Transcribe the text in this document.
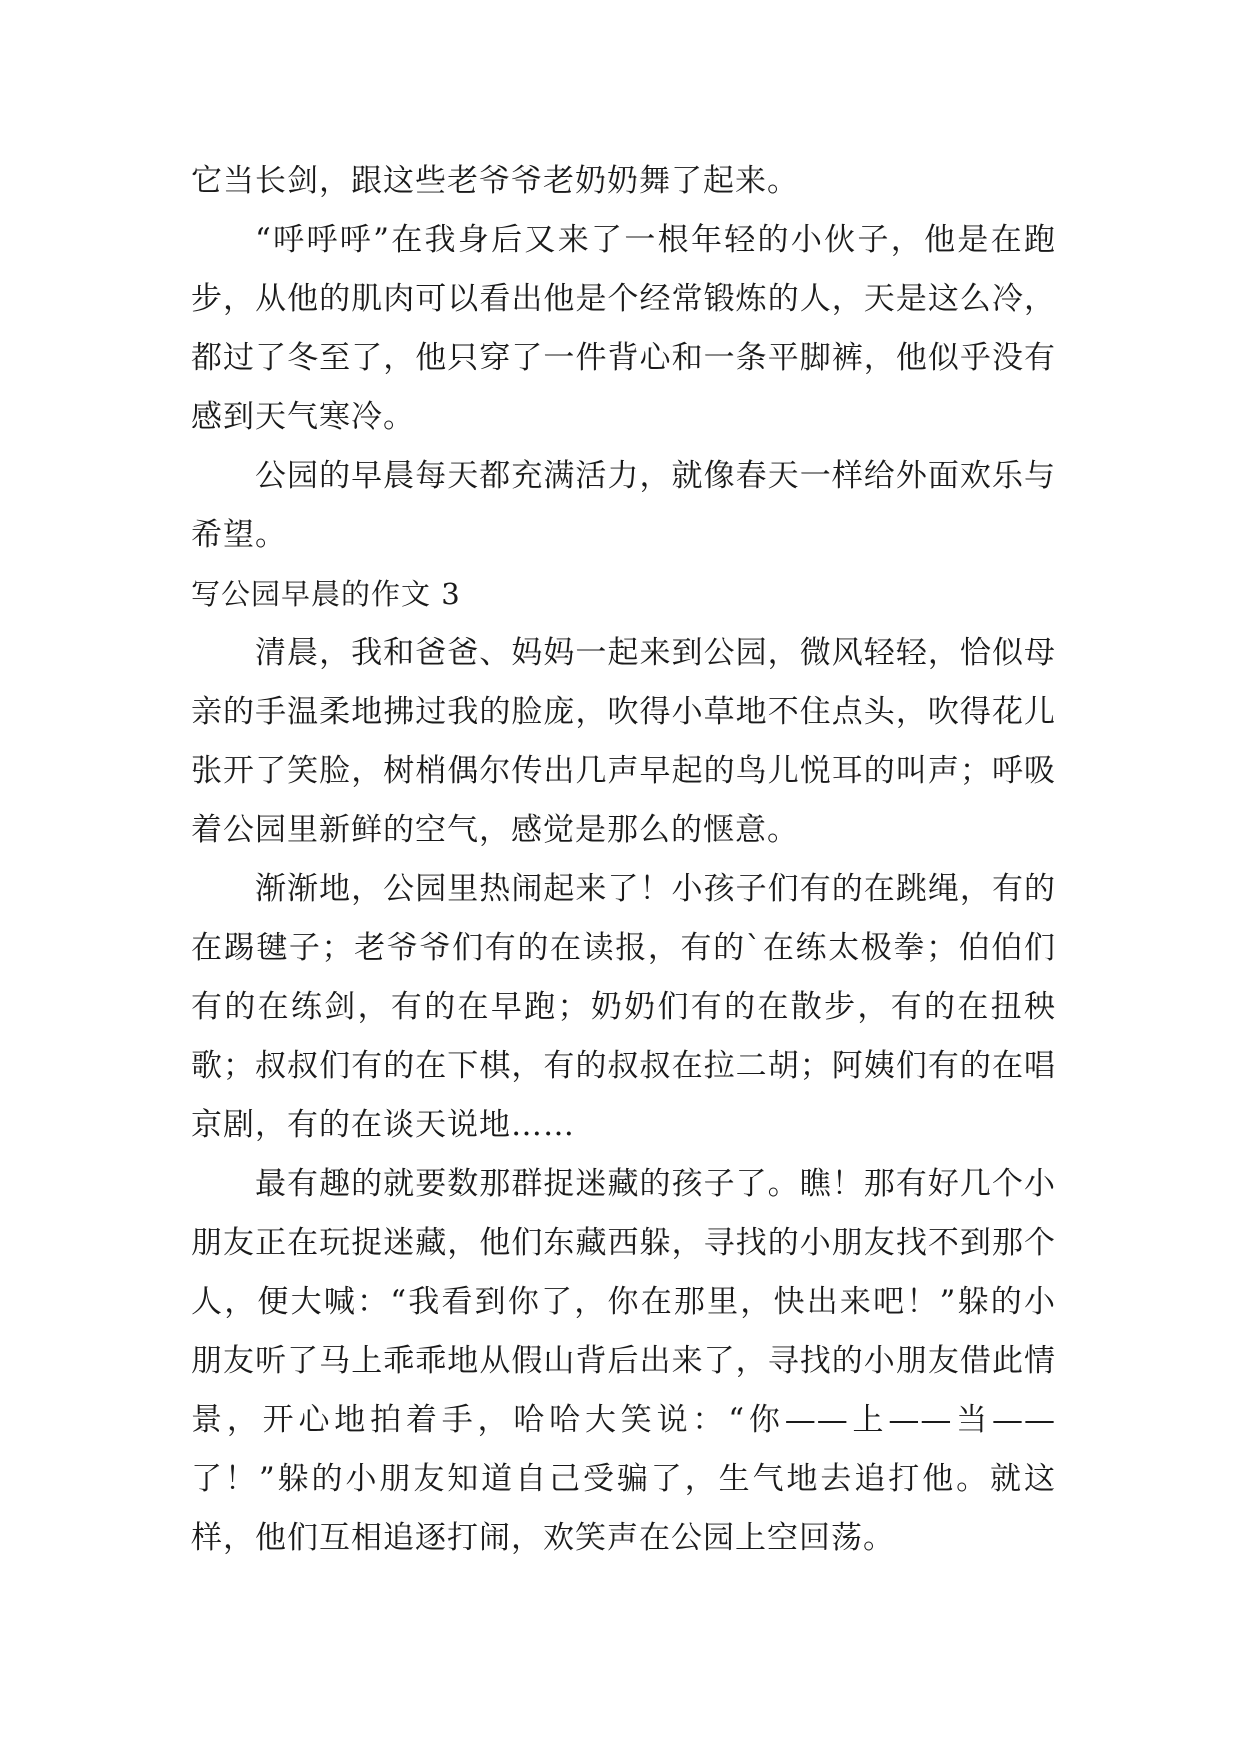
它当长剑，跟这些老爷爷老奶奶舞了起来。

“呼呼呼”在我身后又来了一根年轻的小伙子，他是在跑步，从他的肌肉可以看出他是个经常锻炼的人，天是这么冷，都过了冬至了，他只穿了一件背心和一条平脚裤，他似乎没有感到天气寒冷。

公园的早晨每天都充满活力，就像春天一样给外面欢乐与希望。

写公园早晨的作文 3

清晨，我和爸爸、妈妈一起来到公园，微风轻轻，恰似母亲的手温柔地拂过我的脸庞，吹得小草地不住点头，吹得花儿张开了笑脸，树梢偶尔传出几声早起的鸟儿悦耳的叫声；呼吸着公园里新鲜的空气，感觉是那么的惬意。

渐渐地，公园里热闹起来了！小孩子们有的在跳绳，有的在踢毽子；老爷爷们有的在读报，有的`在练太极拳；伯伯们有的在练剑，有的在早跑；奶奶们有的在散步，有的在扭秧歌；叔叔们有的在下棋，有的叔叔在拉二胡；阿姨们有的在唱京剧，有的在谈天说地……

最有趣的就要数那群捉迷藏的孩子了。瞧！那有好几个小朋友正在玩捉迷藏，他们东藏西躲，寻找的小朋友找不到那个人，便大喊：“我看到你了，你在那里，快出来吧！”躲的小朋友听了马上乖乖地从假山背后出来了，寻找的小朋友借此情景，开心地拍着手，哈哈大笑说：“你——上——当——了！”躲的小朋友知道自己受骗了，生气地去追打他。就这样，他们互相追逐打闹，欢笑声在公园上空回荡。
